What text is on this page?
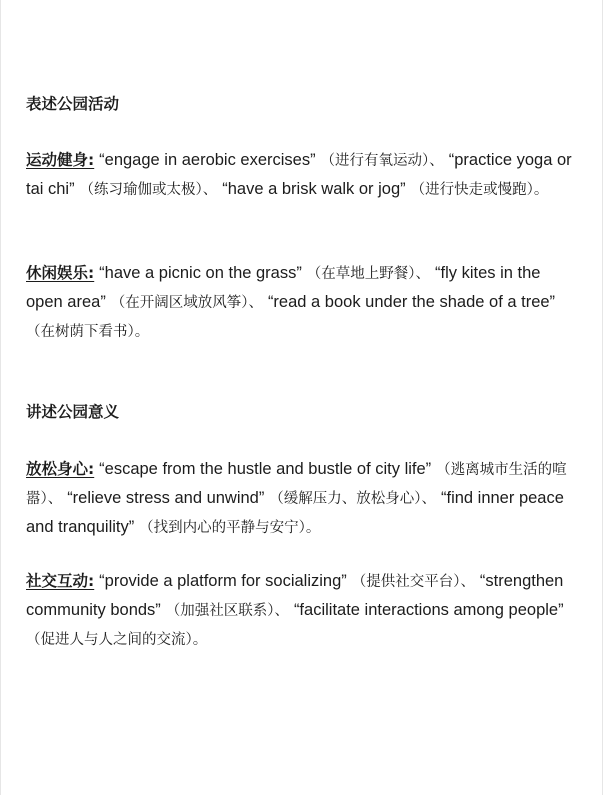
表述公园活动

运动健身: “engage in aerobic exercises” （进行有氧运动）、 “practice yoga or tai chi” （练习瑜伽或太极）、 “have a brisk walk or jog” （进行快走或慢跑）。

休闲娱乐: “have a picnic on the grass” （在草地上野餐）、 “fly kites in the open area” （在开阔区域放风筝）、 “read a book under the shade of a tree” （在树荫下看书）。

讲述公园意义

放松身心: “escape from the hustle and bustle of city life” （逃离城市生活的喧嚣）、 “relieve stress and unwind” （缓解压力、放松身心）、 “find inner peace and tranquility” （找到内心的平静与安宁）。

社交互动: “provide a platform for socializing” （提供社交平台）、 “strengthen community bonds” （加强社区联系）、 “facilitate interactions among people” （促进人与人之间的交流）。
